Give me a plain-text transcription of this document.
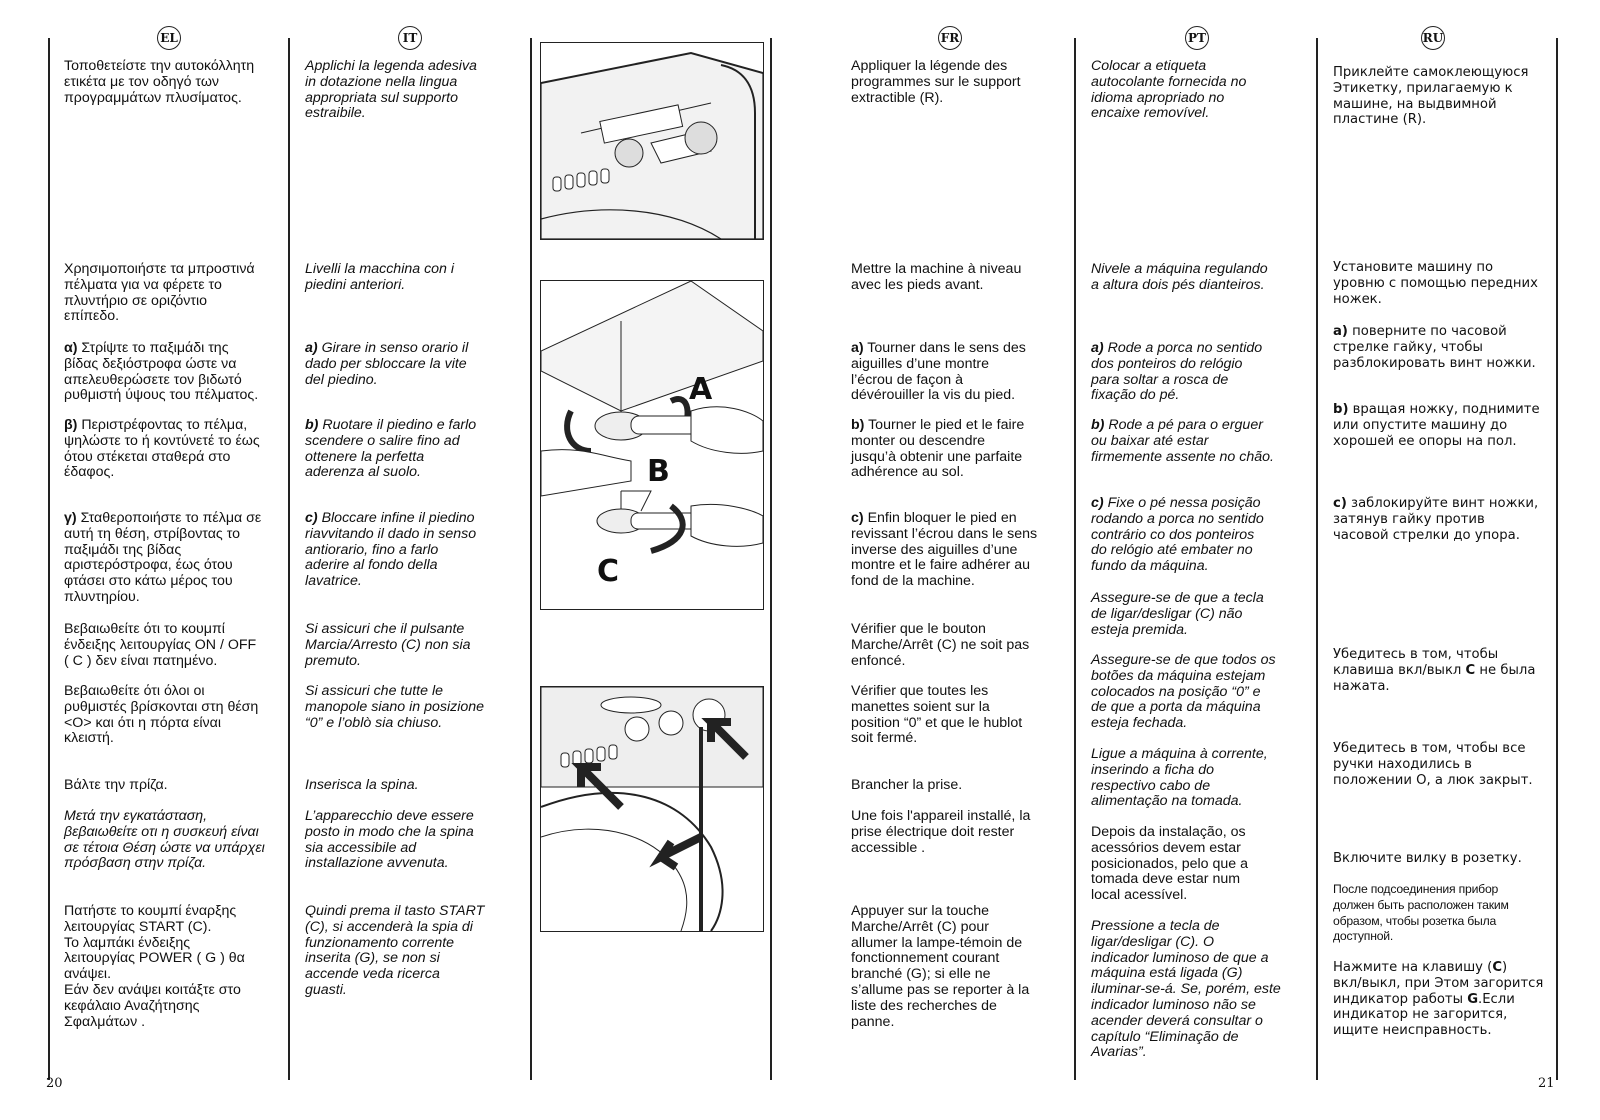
EL	IT	FR	PT	RU

Τοποθετείστε την αυτοκόλλητη
ετικέτα με τον οδηγό των
προγραμμάτων πλυσίματος.

Χρησιμοποιήστε τα μπροστινά
πέλματα για να φέρετε το
πλυντήριο σε οριζόντιο
επίπεδο.

α) Στρίψτε το παξιμάδι της
βίδας δεξιόστροφα ώστε να
απελευθερώσετε τον βιδωτό
ρυθμιστή ύψους του πέλματος.

β) Περιστρέφοντας το πέλμα,
ψηλώστε το ή κοντύνετέ το έως
ότου στέκεται σταθερά στο
έδαφος.

γ) Σταθεροποιήστε το πέλμα σε
αυτή τη θέση, στρίβοντας το
παξιμάδι της βίδας
αριστερόστροφα, έως ότου
φτάσει στο κάτω μέρος του
πλυντηρίου.

Βεβαιωθείτε ότι το κουμπί
ένδειξης λειτουργίας ON / OFF
( C ) δεν είναι πατημένο.

Βεβαιωθείτε ότι όλοι οι
ρυθμιστές βρίσκονται στη θέση
<O> και ότι η πόρτα είναι
κλειστή.

Βάλτε την πρίζα.

Μετά την εγκατάσταση,
βεβαιωθείτε οτι η συσκευή είναι
σε τέτοια Θέση ώστε να υπάρχει
πρόσβαση στην πρίζα.

Πατήστε το κουμπί έναρξης
λειτουργίας START (C).
Το λαμπάκι ένδειξης
λειτουργίας POWER ( G ) θα
ανάψει.
Εάν δεν ανάψει κοιτάξτε στο
κεφάλαιο Αναζήτησης
Σφαλμάτων .

Applichi la legenda adesiva
in dotazione nella lingua
appropriata sul supporto
estraibile.

Livelli la macchina con i
piedini anteriori.

a) Girare in senso orario il
dado per sbloccare la vite
del piedino.

b) Ruotare il piedino e farlo
scendere o salire fino ad
ottenere la perfetta
aderenza al suolo.

c) Bloccare infine il piedino
riavvitando il dado in senso
antiorario, fino a farlo
aderire al fondo della
lavatrice.

Si assicuri che il pulsante
Marcia/Arresto (C) non sia
premuto.

Si assicuri che tutte le
manopole siano in posizione
“0” e l’oblò sia chiuso.

Inserisca la spina.

L’apparecchio deve essere
posto in modo che la spina
sia accessibile ad
installazione avvenuta.

Quindi prema il tasto START
(C), si accenderà la spia di
funzionamento corrente
inserita (G), se non si
accende veda ricerca
guasti.

A
B
C

Appliquer la légende des
programmes sur le support
extractible (R).

Mettre la machine à niveau
avec les pieds avant.

a) Tourner dans le sens des
aiguilles d’une montre
l’écrou de façon à
dévérouiller la vis du pied.

b) Tourner le pied et le faire
monter ou descendre
jusqu’à obtenir une parfaite
adhérence au sol.

c) Enfin bloquer le pied en
revissant l’écrou dans le sens
inverse des aiguilles d’une
montre et le faire adhérer au
fond de la machine.

Vérifier que le bouton
Marche/Arrêt (C) ne soit pas
enfoncé.

Vérifier que toutes les
manettes soient sur la
position “0” et que le hublot
soit fermé.

Brancher la prise.

Une fois l'appareil installé, la
prise électrique doit rester
accessible .

Appuyer sur la touche
Marche/Arrêt (C) pour
allumer la lampe-témoin de
fonctionnement courant
branché (G); si elle ne
s’allume pas se reporter à la
liste des recherches de
panne.

Colocar a etiqueta
autocolante fornecida no
idioma apropriado no
encaixe removível.

Nivele a máquina regulando
a altura dois pés dianteiros.

a) Rode a porca no sentido
dos ponteiros do relógio
para soltar a rosca de
fixação do pé.

b) Rode a pé para o erguer
ou baixar até estar
firmemente assente no chão.

c) Fixe o pé nessa posição
rodando a porca no sentido
contrário co dos ponteiros
do relógio até embater no
fundo da máquina.

Assegure-se de que a tecla
de ligar/desligar (C) não
esteja premida.

Assegure-se de que todos os
botões da máquina estejam
colocados na posição “0” e
de que a porta da máquina
esteja fechada.

Ligue a máquina à corrente,
inserindo a ficha do
respectivo cabo de
alimentação na tomada.

Depois da instalação, os
acessórios devem estar
posicionados, pelo que a
tomada deve estar num
local acessível.

Pressione a tecla de
ligar/desligar (C). O
indicador luminoso de que a
máquina está ligada (G)
iluminar-se-á. Se, porém, este
indicador luminoso não se
acender deverá consultar o
capítulo “Eliminação de
Avarias”.

Приклейте самоклеющуюся
Этикетку, прилагаемую к
машине, на выдвимной
пластине (R).

Установите машину по
уровню с помощью передних
ножек.

а) поверните по часовой
стрелке гайку, чтобы
разблокировать винт ножки.

b) вращая ножку, поднимите
или опустите машину до
хорошей ее опоры на пол.

c) заблокируйте винт ножки,
затянув гайку против
часовой стрелки до упора.

Убедитесь в том, чтобы
клавиша вкл/выкл C не была
нажата.

Убедитесь в том, чтобы все
ручки находились в
положении О, а люк закрыт.

Включите вилку в розетку.

После подсоединения прибор
должен быть расположен таким
образом, чтобы розетка была
доступной.

Нажмите на клавишу (C)
вкл/выкл, при Этом загорится
индикатор работы G.Если
индикатор не загорится,
ищите неисправность.

20	21
